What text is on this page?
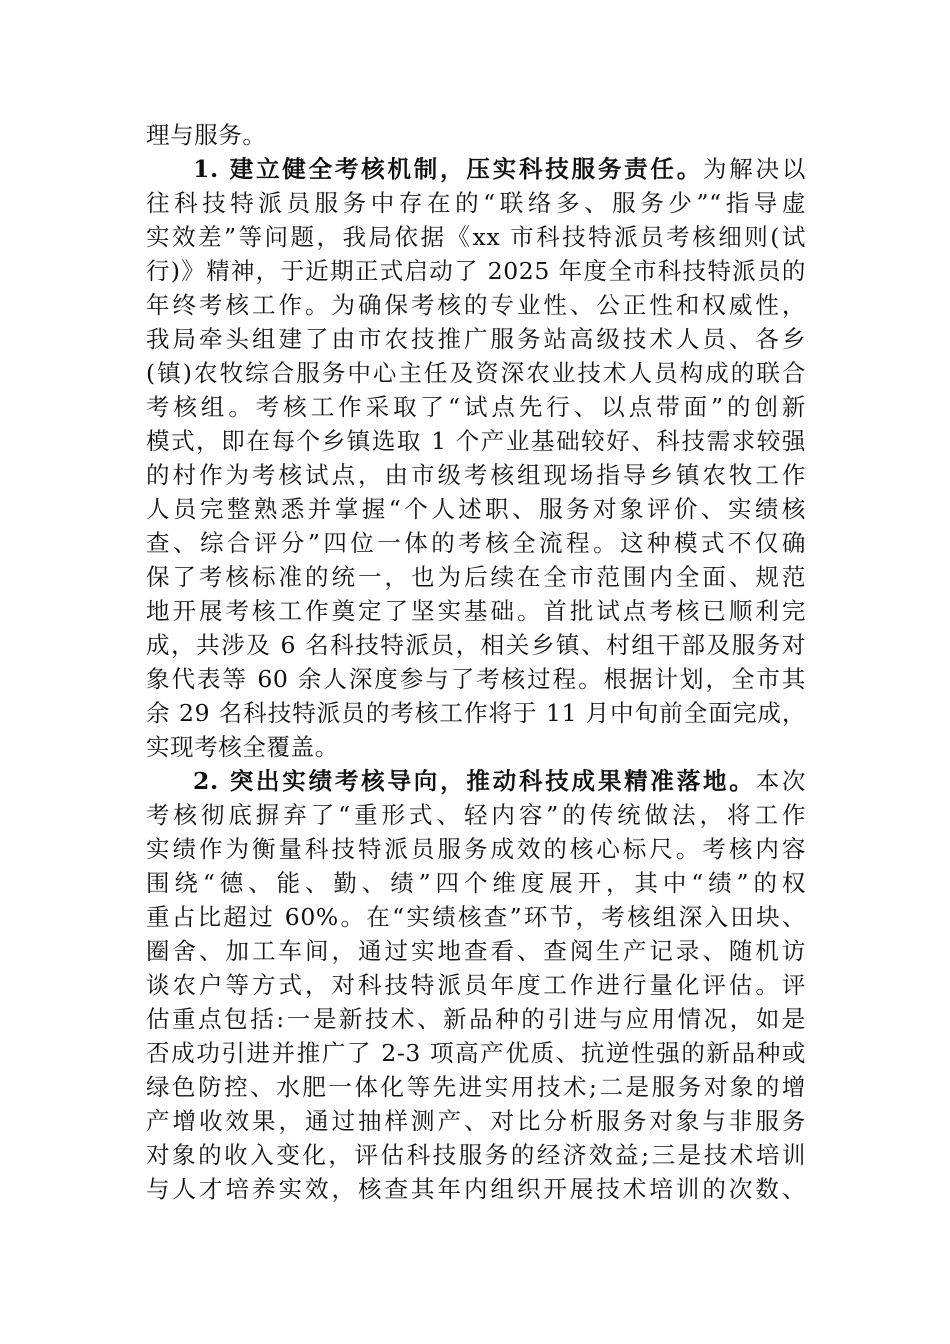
理与服务。
1. 建立健全考核机制，压实科技服务责任。为解决以
往科技特派员服务中存在的“联络多、服务少”“指导虚
实效差”等问题，我局依据《xx 市科技特派员考核细则(试
行)》精神，于近期正式启动了 2025 年度全市科技特派员的
年终考核工作。为确保考核的专业性、公正性和权威性，
我局牵头组建了由市农技推广服务站高级技术人员、各乡
(镇)农牧综合服务中心主任及资深农业技术人员构成的联合
考核组。考核工作采取了“试点先行、以点带面”的创新
模式，即在每个乡镇选取 1 个产业基础较好、科技需求较强
的村作为考核试点，由市级考核组现场指导乡镇农牧工作
人员完整熟悉并掌握“个人述职、服务对象评价、实绩核
查、综合评分”四位一体的考核全流程。这种模式不仅确
保了考核标准的统一，也为后续在全市范围内全面、规范
地开展考核工作奠定了坚实基础。首批试点考核已顺利完
成，共涉及 6 名科技特派员，相关乡镇、村组干部及服务对
象代表等 60 余人深度参与了考核过程。根据计划，全市其
余 29 名科技特派员的考核工作将于 11 月中旬前全面完成，
实现考核全覆盖。
2. 突出实绩考核导向，推动科技成果精准落地。本次
考核彻底摒弃了“重形式、轻内容”的传统做法，将工作
实绩作为衡量科技特派员服务成效的核心标尺。考核内容
围绕“德、能、勤、绩”四个维度展开，其中“绩”的权
重占比超过 60%。在“实绩核查”环节，考核组深入田块、
圈舍、加工车间，通过实地查看、查阅生产记录、随机访
谈农户等方式，对科技特派员年度工作进行量化评估。评
估重点包括:一是新技术、新品种的引进与应用情况，如是
否成功引进并推广了 2-3 项高产优质、抗逆性强的新品种或
绿色防控、水肥一体化等先进实用技术;二是服务对象的增
产增收效果，通过抽样测产、对比分析服务对象与非服务
对象的收入变化，评估科技服务的经济效益;三是技术培训
与人才培养实效，核查其年内组织开展技术培训的次数、
